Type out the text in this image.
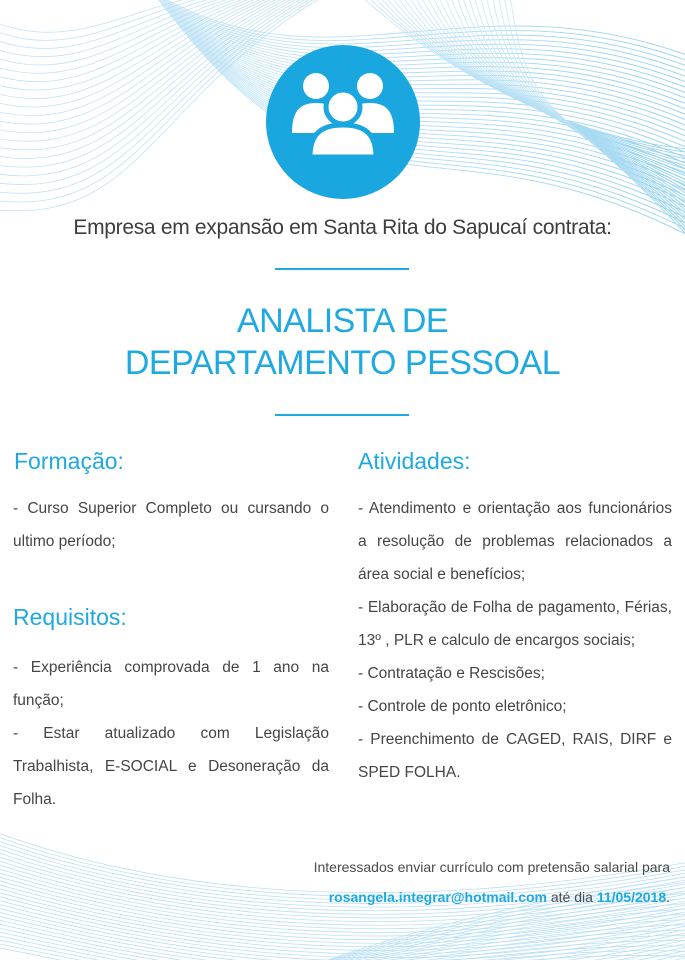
Empresa em expansão em Santa Rita do Sapucaí contrata:
ANALISTA DE
DEPARTAMENTO PESSOAL
Formação:

- Curso Superior Completo ou cursando o ultimo período;

Requisitos:

- Experiência comprovada de 1 ano na função;

- Estar atualizado com Legislação Trabalhista, E-SOCIAL e Desoneração da Folha.

Atividades:

- Atendimento e orientação aos funcionários a resolução de problemas relacionados a área social e benefícios;

- Elaboração de Folha de pagamento, Férias, 13º , PLR e calculo de encargos sociais;

- Contratação e Rescisões;

- Controle de ponto eletrônico;

- Preenchimento de CAGED, RAIS, DIRF e SPED FOLHA.

Interessados enviar currículo com pretensão salarial para
rosangela.integrar@hotmail.com até dia 11/05/2018.
